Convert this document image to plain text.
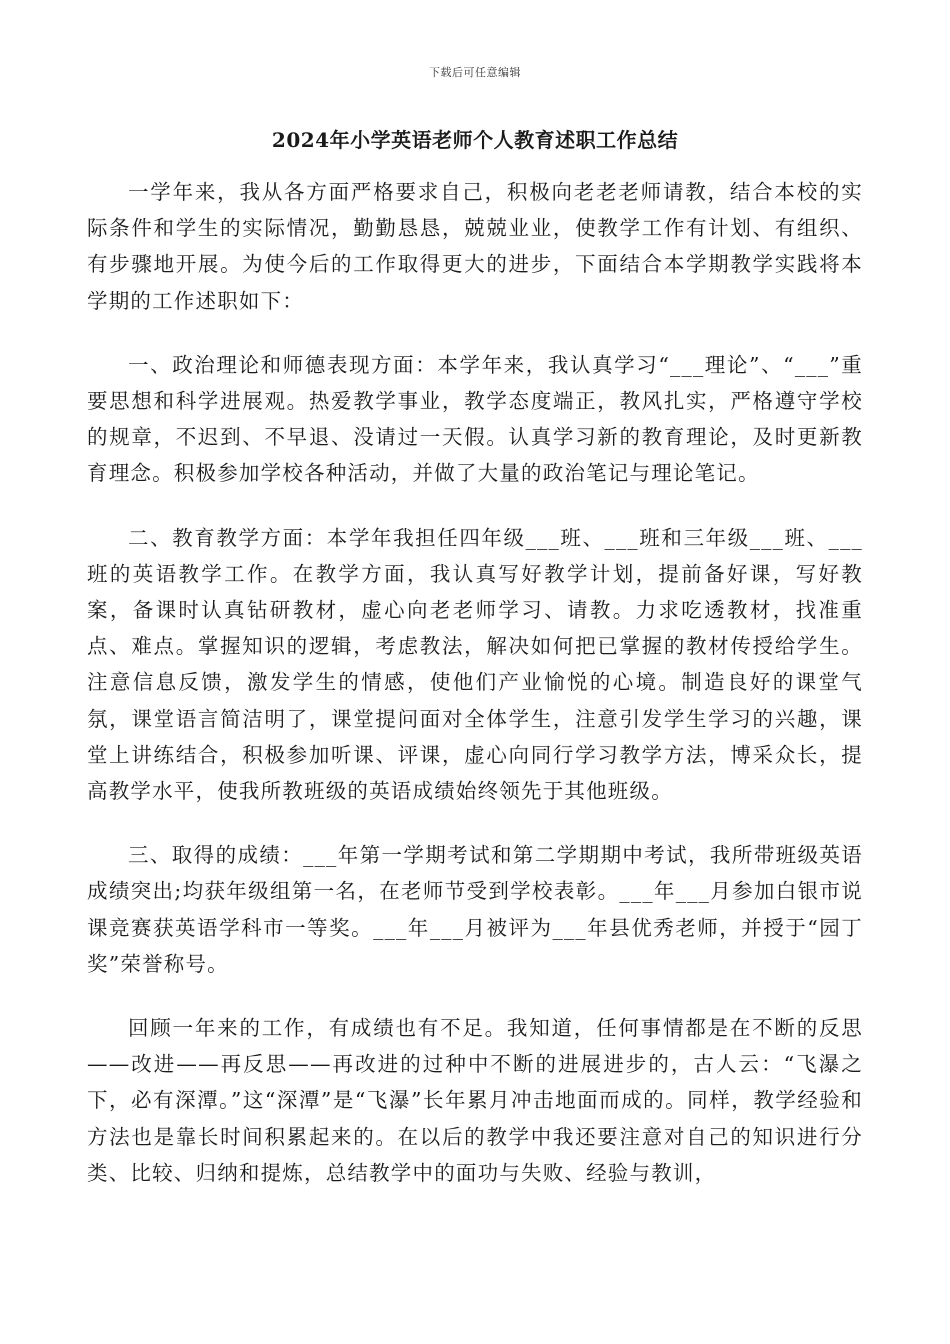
下载后可任意编辑
2024年小学英语老师个人教育述职工作总结

一学年来，我从各方面严格要求自己，积极向老老老师请教，结合本校的实际条件和学生的实际情况，勤勤恳恳，兢兢业业，使教学工作有计划、有组织、有步骤地开展。为使今后的工作取得更大的进步，下面结合本学期教学实践将本学期的工作述职如下：

一、政治理论和师德表现方面：本学年来，我认真学习“___理论”、“___”重要思想和科学进展观。热爱教学事业，教学态度端正，教风扎实，严格遵守学校的规章，不迟到、不早退、没请过一天假。认真学习新的教育理论，及时更新教育理念。积极参加学校各种活动，并做了大量的政治笔记与理论笔记。

二、教育教学方面：本学年我担任四年级___班、___班和三年级___班、___班的英语教学工作。在教学方面，我认真写好教学计划，提前备好课，写好教案，备课时认真钻研教材，虚心向老老师学习、请教。力求吃透教材，找准重点、难点。掌握知识的逻辑，考虑教法，解决如何把已掌握的教材传授给学生。注意信息反馈，激发学生的情感，使他们产业愉悦的心境。制造良好的课堂气氛，课堂语言简洁明了，课堂提问面对全体学生，注意引发学生学习的兴趣，课堂上讲练结合，积极参加听课、评课，虚心向同行学习教学方法，博采众长，提高教学水平，使我所教班级的英语成绩始终领先于其他班级。

三、取得的成绩：___年第一学期考试和第二学期期中考试，我所带班级英语成绩突出;均获年级组第一名，在老师节受到学校表彰。___年___月参加白银市说课竞赛获英语学科市一等奖。___年___月被评为___年县优秀老师，并授于“园丁奖”荣誉称号。

回顾一年来的工作，有成绩也有不足。我知道，任何事情都是在不断的反思——改进——再反思——再改进的过种中不断的进展进步的，古人云：“飞瀑之下，必有深潭。”这“深潭”是“飞瀑”长年累月冲击地面而成的。同样，教学经验和方法也是靠长时间积累起来的。在以后的教学中我还要注意对自己的知识进行分类、比较、归纳和提炼，总结教学中的面功与失败、经验与教训，
